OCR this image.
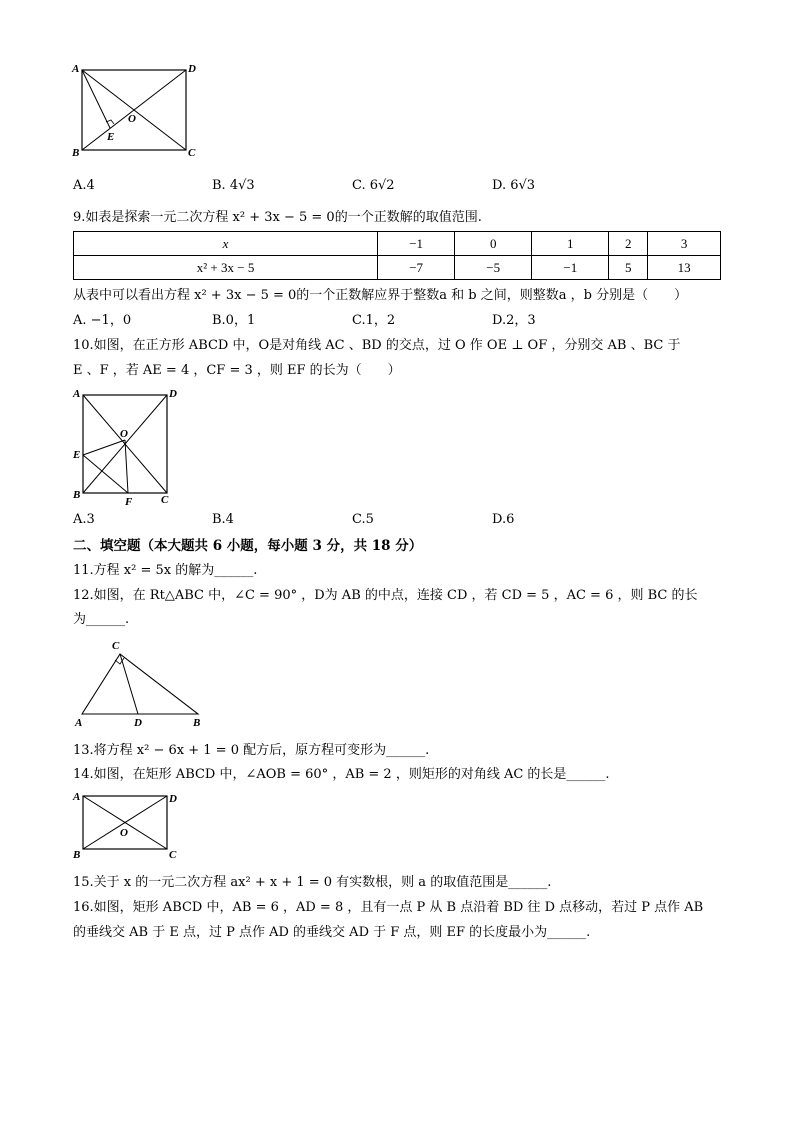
A	D
B	C
O
E
A.4	B. 4√3	C. 6√2	D. 6√3
9.如表是探索一元二次方程 x² + 3x − 5 = 0的一个正数解的取值范围.
x	−1	0	1	2	3
x² + 3x − 5	−7	−5	−1	5	13
从表中可以看出方程 x² + 3x − 5 = 0的一个正数解应界于整数a 和 b 之间，则整数a ，b 分别是（　　）
A. −1，0	B.0，1	C.1，2	D.2，3
10.如图，在正方形 ABCD 中，O是对角线 AC 、BD 的交点，过 O 作 OE ⊥ OF ，分别交 AB 、BC 于
E 、F ，若 AE = 4 ，CF = 3 ，则 EF 的长为（　　）
A	D
O
E
B
F	C
A.3	B.4	C.5	D.6
二、填空题（本大题共 6 小题，每小题 3 分，共 18 分）
11.方程 x² = 5x 的解为______.
12.如图，在 Rt△ABC 中，∠C = 90° ，D为 AB 的中点，连接 CD ，若 CD = 5 ，AC = 6 ，则 BC 的长
为______.
C
A	D	B
13.将方程 x² − 6x + 1 = 0 配方后，原方程可变形为______.
14.如图，在矩形 ABCD 中，∠AOB = 60° ，AB = 2 ，则矩形的对角线 AC 的长是______.
A	D
O
B	C
15.关于 x 的一元二次方程 ax² + x + 1 = 0 有实数根，则 a 的取值范围是______.
16.如图，矩形 ABCD 中，AB = 6 ，AD = 8 ，且有一点 P 从 B 点沿着 BD 往 D 点移动，若过 P 点作 AB
的垂线交 AB 于 E 点，过 P 点作 AD 的垂线交 AD 于 F 点，则 EF 的长度最小为______.
